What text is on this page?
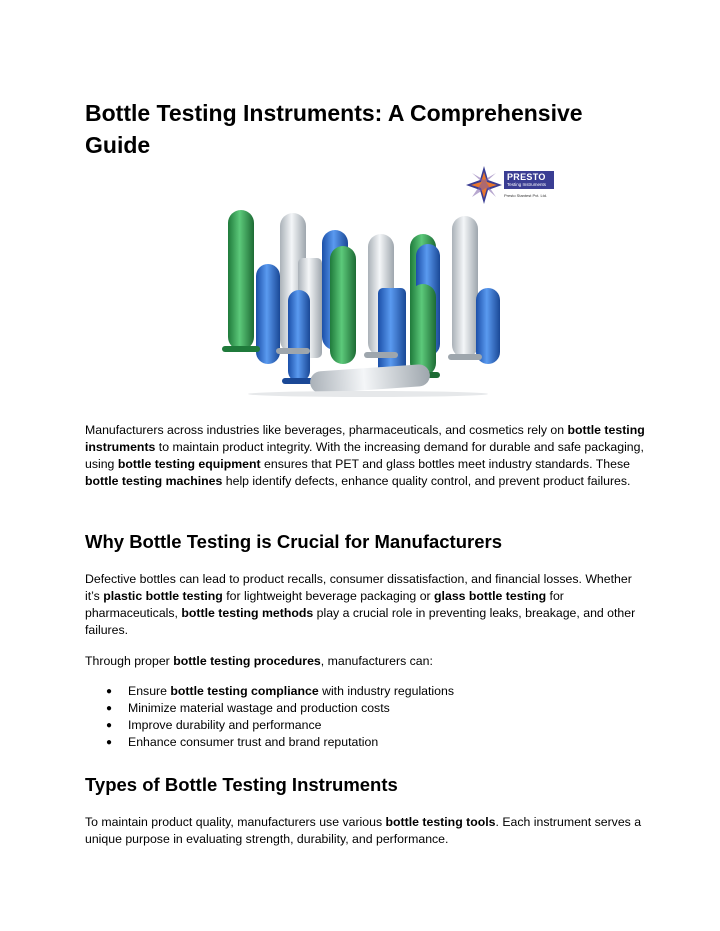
Bottle Testing Instruments: A Comprehensive Guide
PRESTO
Testing Instruments
Presto Stantest Pvt. Ltd.

Manufacturers across industries like beverages, pharmaceuticals, and cosmetics rely on bottle testing instruments to maintain product integrity. With the increasing demand for durable and safe packaging, using bottle testing equipment ensures that PET and glass bottles meet industry standards. These bottle testing machines help identify defects, enhance quality control, and prevent product failures.

Why Bottle Testing is Crucial for Manufacturers

Defective bottles can lead to product recalls, consumer dissatisfaction, and financial losses. Whether it’s plastic bottle testing for lightweight beverage packaging or glass bottle testing for pharmaceuticals, bottle testing methods play a crucial role in preventing leaks, breakage, and other failures.

Through proper bottle testing procedures, manufacturers can:

● Ensure bottle testing compliance with industry regulations
● Minimize material wastage and production costs
● Improve durability and performance
● Enhance consumer trust and brand reputation
Types of Bottle Testing Instruments

To maintain product quality, manufacturers use various bottle testing tools. Each instrument serves a unique purpose in evaluating strength, durability, and performance.
